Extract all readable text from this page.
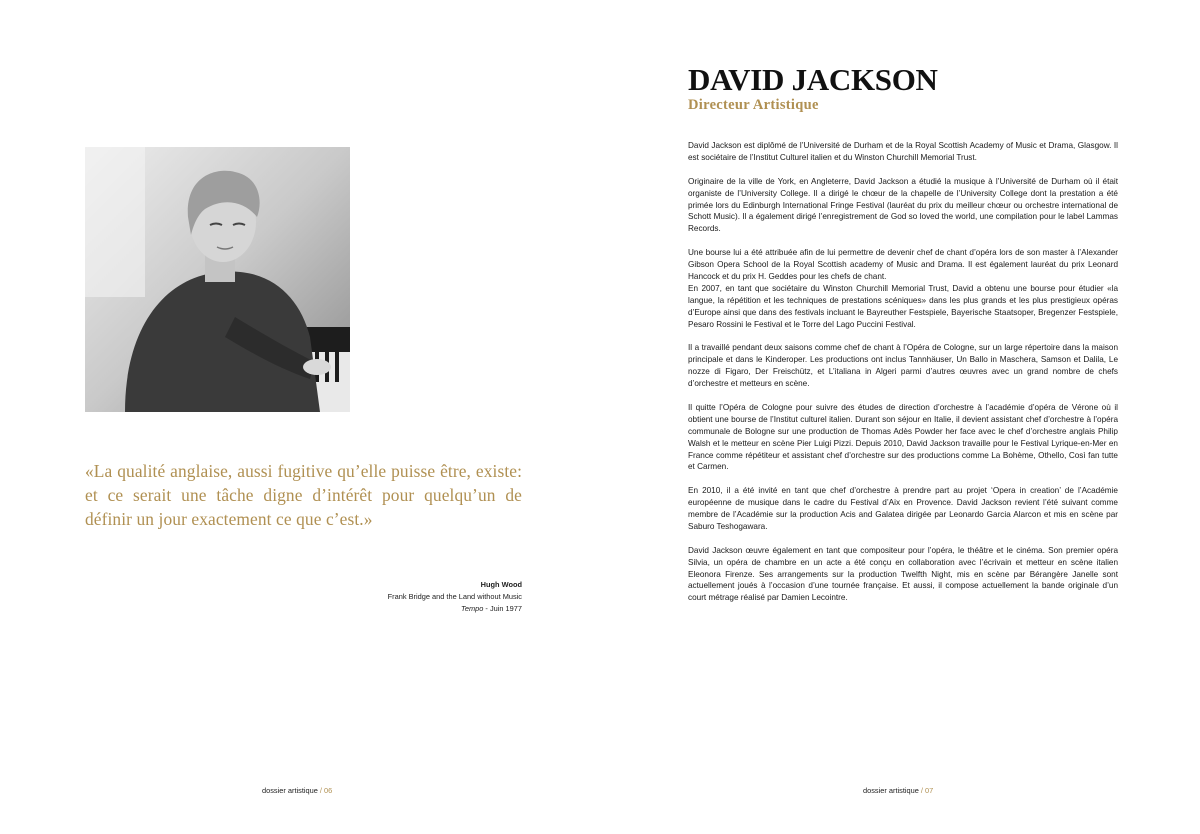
«La qualité anglaise, aussi fugitive qu’elle puisse être, existe: et ce serait une tâche digne d’intérêt pour quelqu’un de définir un jour exactement ce que c’est.»
Hugh Wood
Frank Bridge and the Land without Music
Tempo - Juin 1977
dossier artistique / 06
DAVID JACKSON
Directeur Artistique

David Jackson est diplômé de l’Université de Durham et de la Royal Scottish Academy of Music et Drama, Glasgow. Il est sociétaire de l’Institut Culturel italien et du Winston Churchill Memorial Trust.

Originaire de la ville de York, en Angleterre, David Jackson a étudié la musique à l’Université de Durham où il était organiste de l’University College. Il a dirigé le chœur de la chapelle de l’University College dont la prestation a été primée lors du Edinburgh International Fringe Festival (lauréat du prix du meilleur chœur ou orchestre international de Schott Music). Il a également dirigé l’enregistrement de God so loved the world, une compilation pour le label Lammas Records.

Une bourse lui a été attribuée afin de lui permettre de devenir chef de chant d’opéra lors de son master à l’Alexander Gibson Opera School de la Royal Scottish academy of Music and Drama. Il est également lauréat du prix Leonard Hancock et du prix H. Geddes pour les chefs de chant.

En 2007, en tant que sociétaire du Winston Churchill Memorial Trust, David a obtenu une bourse pour étudier «la langue, la répétition et les techniques de prestations scéniques» dans les plus grands et les plus prestigieux opéras d’Europe ainsi que dans des festivals incluant le Bayreuther Festspiele, Bayerische Staatsoper, Bregenzer Festspiele, Pesaro Rossini le Festival et le Torre del Lago Puccini Festival.

Il a travaillé pendant deux saisons comme chef de chant à l’Opéra de Cologne, sur un large répertoire dans la maison principale et dans le Kinderoper. Les productions ont inclus Tannhäuser, Un Ballo in Maschera, Samson et Dalila, Le nozze di Figaro, Der Freischütz, et L’italiana in Algeri parmi d’autres œuvres avec un grand nombre de chefs d’orchestre et metteurs en scène.

Il quitte l’Opéra de Cologne pour suivre des études de direction d’orchestre à l’académie d’opéra de Vérone où il obtient une bourse de l’Institut culturel italien. Durant son séjour en Italie, il devient assistant chef d’orchestre à l’opéra communale de Bologne sur une production de Thomas Adès Powder her face avec le chef d’orchestre anglais Philip Walsh et le metteur en scène Pier Luigi Pizzi. Depuis 2010, David Jackson travaille pour le Festival Lyrique-en-Mer en France comme répétiteur et assistant chef d’orchestre sur des productions comme La Bohème, Othello, Così fan tutte et Carmen.

En 2010, il a été invité en tant que chef d’orchestre à prendre part au projet ‘Opera in creation’ de l’Académie européenne de musique dans le cadre du Festival d’Aix en Provence. David Jackson revient l’été suivant comme membre de l’Académie sur la production Acis and Galatea dirigée par Leonardo Garcia Alarcon et mis en scène par Saburo Teshogawara.

David Jackson œuvre également en tant que compositeur pour l’opéra, le théâtre et le cinéma. Son premier opéra Silvia, un opéra de chambre en un acte a été conçu en collaboration avec l’écrivain et metteur en scène italien Eleonora Firenze. Ses arrangements sur la production Twelfth Night, mis en scène par Bérangère Janelle sont actuellement joués à l’occasion d’une tournée française. Et aussi, il compose actuellement la bande originale d’un court métrage réalisé par Damien Lecointre.

dossier artistique / 07
